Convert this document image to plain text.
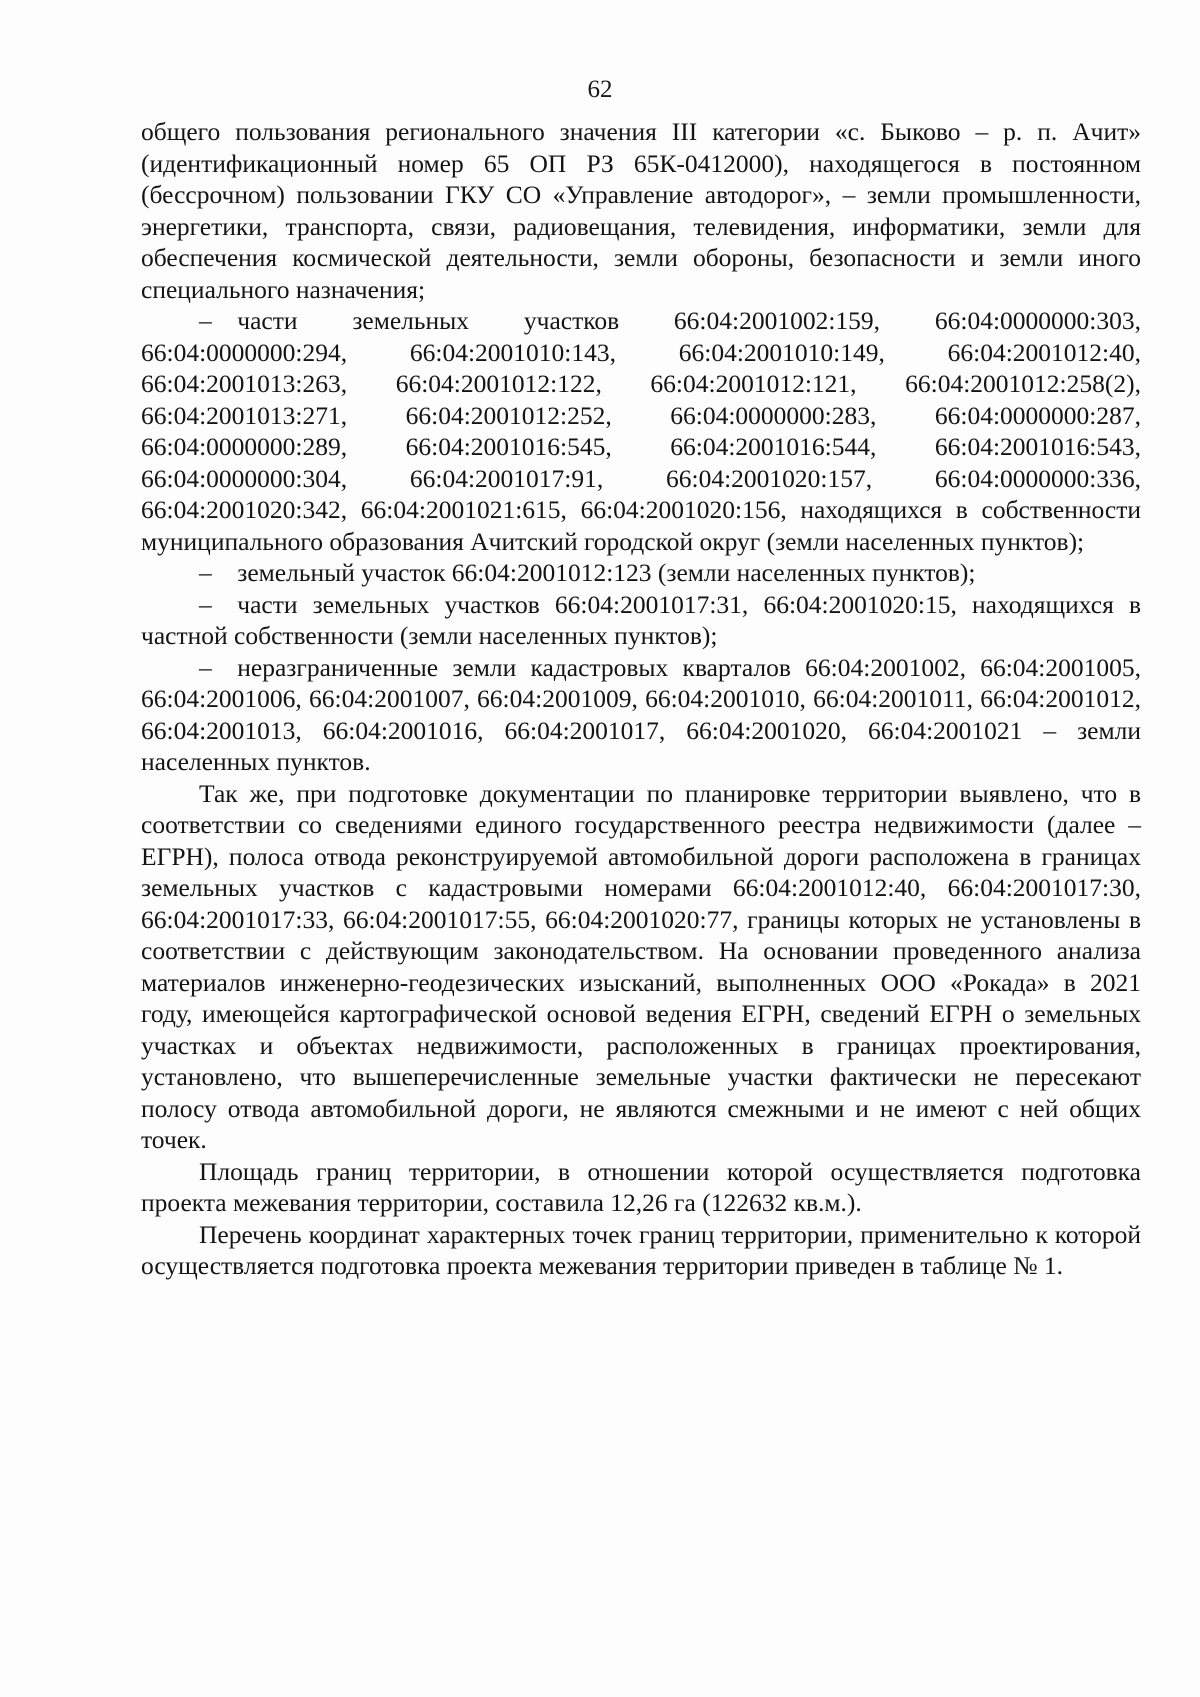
62

общего пользования регионального значения III категории «с. Быково – р. п. Ачит» (идентификационный номер 65 ОП РЗ 65К-0412000), находящегося в постоянном (бессрочном) пользовании ГКУ СО «Управление автодорог», – земли промышленности, энергетики, транспорта, связи, радиовещания, телевидения, информатики, земли для обеспечения космической деятельности, земли обороны, безопасности и земли иного специального назначения;

– части земельных участков 66:04:2001002:159, 66:04:0000000:303, 66:04:0000000:294, 66:04:2001010:143, 66:04:2001010:149, 66:04:2001012:40, 66:04:2001013:263, 66:04:2001012:122, 66:04:2001012:121, 66:04:2001012:258(2), 66:04:2001013:271, 66:04:2001012:252, 66:04:0000000:283, 66:04:0000000:287, 66:04:0000000:289, 66:04:2001016:545, 66:04:2001016:544, 66:04:2001016:543, 66:04:0000000:304, 66:04:2001017:91, 66:04:2001020:157, 66:04:0000000:336, 66:04:2001020:342, 66:04:2001021:615, 66:04:2001020:156, находящихся в собственности муниципального образования Ачитский городской округ (земли населенных пунктов);

– земельный участок 66:04:2001012:123 (земли населенных пунктов);

– части земельных участков 66:04:2001017:31, 66:04:2001020:15, находящихся в частной собственности (земли населенных пунктов);

– неразграниченные земли кадастровых кварталов 66:04:2001002, 66:04:2001005, 66:04:2001006, 66:04:2001007, 66:04:2001009, 66:04:2001010, 66:04:2001011, 66:04:2001012, 66:04:2001013, 66:04:2001016, 66:04:2001017, 66:04:2001020, 66:04:2001021 – земли населенных пунктов.

Так же, при подготовке документации по планировке территории выявлено, что в соответствии со сведениями единого государственного реестра недвижимости (далее – ЕГРН), полоса отвода реконструируемой автомобильной дороги расположена в границах земельных участков с кадастровыми номерами 66:04:2001012:40, 66:04:2001017:30, 66:04:2001017:33, 66:04:2001017:55, 66:04:2001020:77, границы которых не установлены в соответствии с действующим законодательством. На основании проведенного анализа материалов инженерно-геодезических изысканий, выполненных ООО «Рокада» в 2021 году, имеющейся картографической основой ведения ЕГРН, сведений ЕГРН о земельных участках и объектах недвижимости, расположенных в границах проектирования, установлено, что вышеперечисленные земельные участки фактически не пересекают полосу отвода автомобильной дороги, не являются смежными и не имеют с ней общих точек.

Площадь границ территории, в отношении которой осуществляется подготовка проекта межевания территории, составила 12,26 га (122632 кв.м.).

Перечень координат характерных точек границ территории, применительно к которой осуществляется подготовка проекта межевания территории приведен в таблице № 1.
